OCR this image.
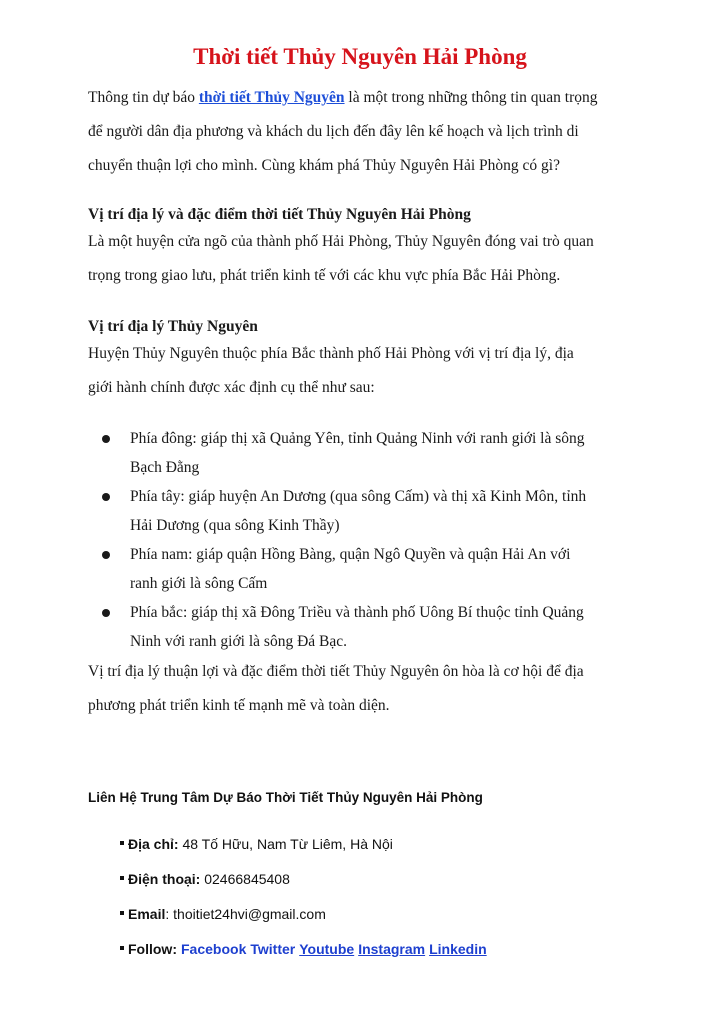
Thời tiết Thủy Nguyên Hải Phòng

Thông tin dự báo thời tiết Thủy Nguyên là một trong những thông tin quan trọng
để người dân địa phương và khách du lịch đến đây lên kế hoạch và lịch trình di
chuyển thuận lợi cho mình. Cùng khám phá Thủy Nguyên Hải Phòng có gì?

Vị trí địa lý và đặc điểm thời tiết Thủy Nguyên Hải Phòng

Là một huyện cửa ngõ của thành phố Hải Phòng, Thủy Nguyên đóng vai trò quan
trọng trong giao lưu, phát triển kinh tế với các khu vực phía Bắc Hải Phòng.

Vị trí địa lý Thủy Nguyên

Huyện Thủy Nguyên thuộc phía Bắc thành phố Hải Phòng với vị trí địa lý, địa
giới hành chính được xác định cụ thể như sau:

Phía đông: giáp thị xã Quảng Yên, tỉnh Quảng Ninh với ranh giới là sông
Bạch Đằng
Phía tây: giáp huyện An Dương (qua sông Cấm) và thị xã Kinh Môn, tỉnh
Hải Dương (qua sông Kinh Thầy)
Phía nam: giáp quận Hồng Bàng, quận Ngô Quyền và quận Hải An với
ranh giới là sông Cấm
Phía bắc: giáp thị xã Đông Triều và thành phố Uông Bí thuộc tỉnh Quảng
Ninh với ranh giới là sông Đá Bạc.

Vị trí địa lý thuận lợi và đặc điểm thời tiết Thủy Nguyên ôn hòa là cơ hội để địa
phương phát triển kinh tế mạnh mẽ và toàn diện.

Liên Hệ Trung Tâm Dự Báo Thời Tiết Thủy Nguyên Hải Phòng
Địa chỉ: 48 Tố Hữu, Nam Từ Liêm, Hà Nội
Điện thoại: 02466845408
Email: thoitiet24hvi@gmail.com
Follow: Facebook Twitter Youtube Instagram Linkedin
